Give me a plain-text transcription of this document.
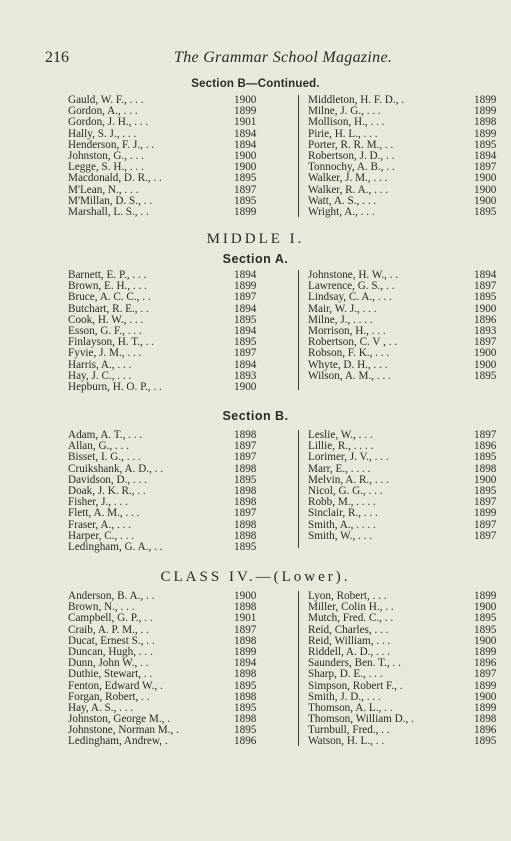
216	The Grammar School Magazine.
Section B—Continued.
Gauld, W. F., . . .	1900
Gordon, A., . . .	1899
Gordon, J. H., . . .	1901
Hally, S. J., . . .	1894
Henderson, F. J., . .	1894
Johnston, G., . . .	1900
Legge, S. H., . . .	1900
Macdonald, D. R., . .	1895
M'Lean, N., . . .	1897
M'Millan, D. S., . .	1895
Marshall, L. S., . .	1899
Middleton, H. F. D., .	1899
Milne, J. G., . . .	1899
Mollison, H., . . .	1898
Pirie, H. L., . . .	1899
Porter, R. R. M., . .	1895
Robertson, J. D., . .	1894
Tonnochy, A. B., . .	1897
Walker, J. M., . . .	1900
Walker, R. A., . . .	1900
Watt, A. S., . . .	1900
Wright, A., . . .	1895
MIDDLE I.
Section A.
Barnett, E. P., . . .	1894
Brown, E. H., . . .	1899
Bruce, A. C. C., . .	1897
Butchart, R. E., . .	1894
Cook, H. W., . . .	1895
Esson, G. F., . . .	1894
Finlayson, H. T., . .	1895
Fyvie, J. M., . . .	1897
Harris, A., . . .	1894
Hay, J. C., . . .	1893
Hepburn, H. O. P., . .	1900
Johnstone, H. W., . .	1894
Lawrence, G. S., . .	1897
Lindsay, C. A., . . .	1895
Mair, W. J., . . .	1900
Milne, J., . . . .	1896
Morrison, H., . . .	1893
Robertson, C. V , . .	1897
Robson, F. K., . . .	1900
Whyte, D. H., . . .	1900
Wilson, A. M., . . .	1895
Section B.
Adam, A. T., . . .	1898
Allan, G., . . .	1897
Bisset, I. G., . . .	1897
Cruikshank, A. D., . .	1898
Davidson, D., . . .	1895
Doak, J. K. R., . .	1898
Fisher, J., . . .	1898
Flett, A. M., . . .	1897
Fraser, A., . . .	1898
Harper, C., . . .	1898
Ledingham, G. A., . .	1895
Leslie, W., . . .	1897
Lillie, R., . . . .	1896
Lorimer, J. V., . . .	1895
Marr, E., . . . .	1898
Melvin, A. R., . . .	1900
Nicol, G. G., . . .	1895
Robb, M., . . . .	1897
Sinclair, R., . . .	1899
Smith, A., . . . .	1897
Smith, W., . . .	1897
CLASS IV.—(Lower).
Anderson, B. A., . .	1900
Brown, N., . . .	1898
Campbell, G. P., . .	1901
Craib, A. P. M., . .	1897
Ducat, Ernest S., . .	1898
Duncan, Hugh, . . .	1899
Dunn, John W., . .	1894
Duthie, Stewart, . .	1898
Fenton, Edward W., .	1895
Forgan, Robert, . .	1898
Hay, A. S., . . .	1895
Johnston, George M., .	1898
Johnstone, Norman M., .	1895
Ledingham, Andrew, .	1896
Lyon, Robert, . . .	1899
Miller, Colin H., . .	1900
Mutch, Fred. C., . .	1895
Reid, Charles, . . .	1895
Reid, William, . . .	1900
Riddell, A. D., . . .	1899
Saunders, Ben. T., . .	1896
Sharp, D. E., . . .	1897
Simpson, Robert F., .	1899
Smith, J. D., . . .	1900
Thomson, A. L., . .	1899
Thomson, William D., .	1898
Turnbull, Fred., . .	1896
Watson, H. L., . .	1895
